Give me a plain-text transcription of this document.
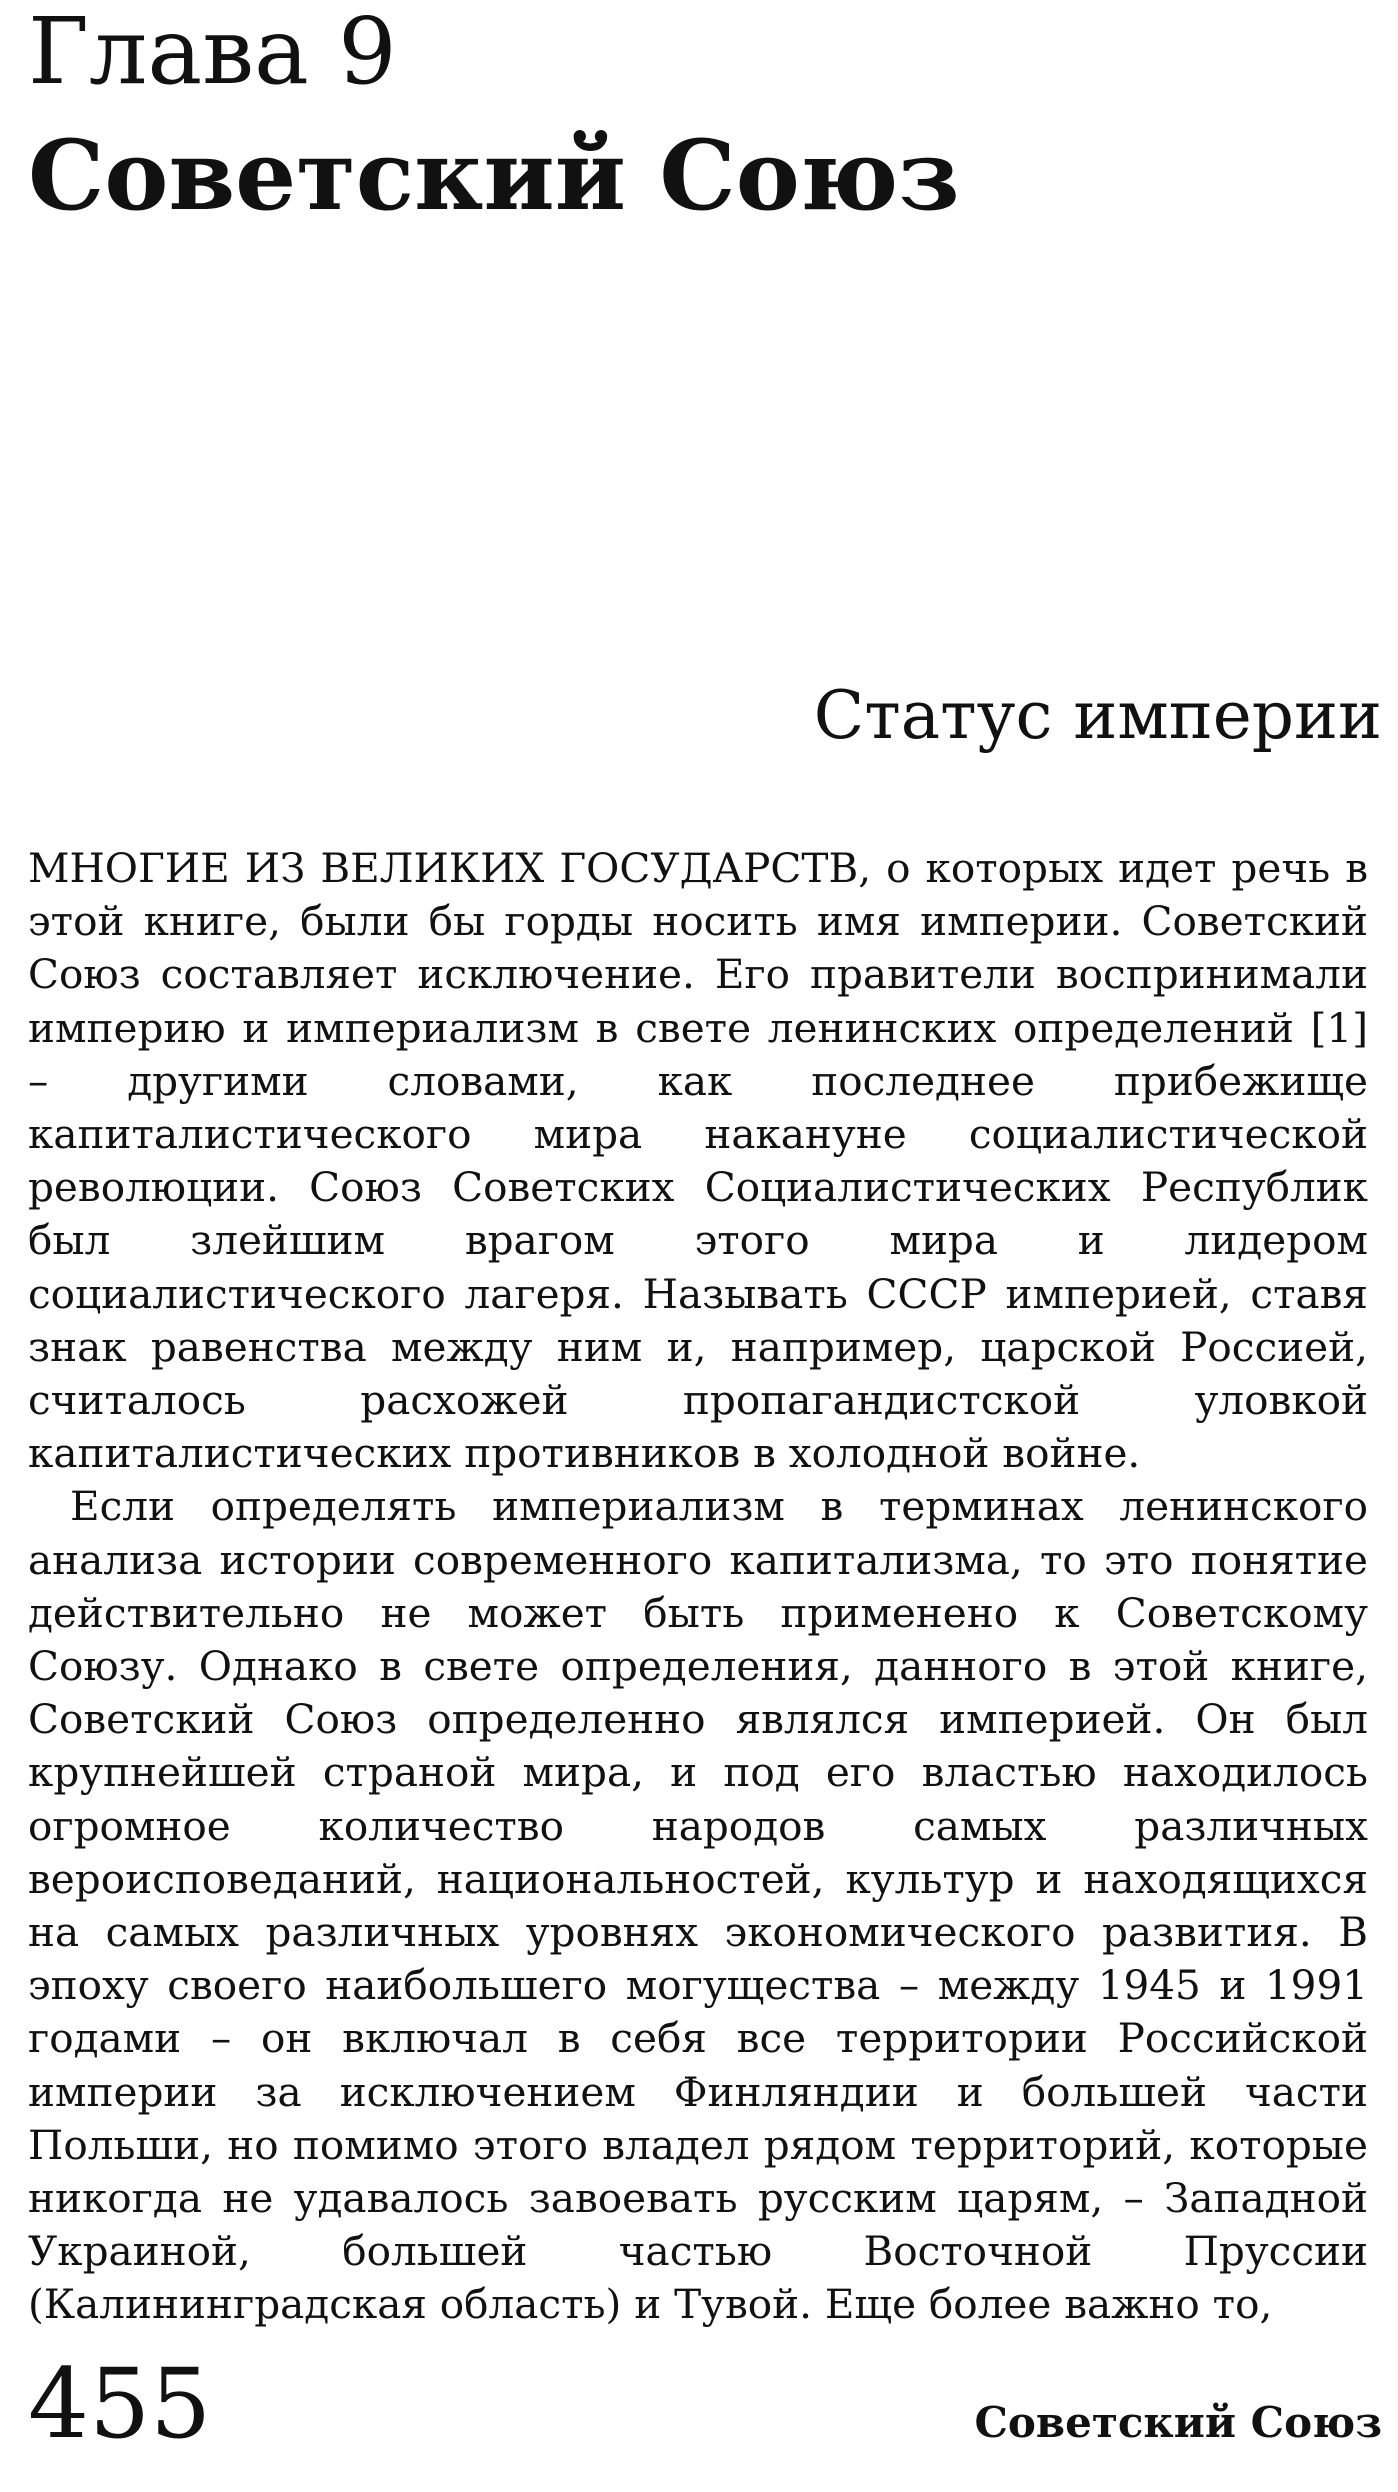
Глава 9
Советский Союз
Статус империи

МНОГИЕ ИЗ ВЕЛИКИХ ГОСУДАРСТВ, о которых идет речь в этой книге, были бы горды носить имя империи. Советский Союз составляет исключение. Его правители воспринимали империю и империализм в свете ленинских определений [1] – другими словами, как последнее прибежище капиталистического мира накануне социалистической революции. Союз Советских Социалистических Республик был злейшим врагом этого мира и лидером социалистического лагеря. Называть СССР империей, ставя знак равенства между ним и, например, царской Россией, считалось расхожей пропагандистской уловкой капиталистических противников в холодной войне.

Если определять империализм в терминах ленинского анализа истории современного капитализма, то это понятие действительно не может быть применено к Советскому Союзу. Однако в свете определения, данного в этой книге, Советский Союз определенно являлся империей. Он был крупнейшей страной мира, и под его властью находилось огромное количество народов самых различных вероисповеданий, национальностей, культур и находящихся на самых различных уровнях экономического развития. В эпоху своего наибольшего могущества – между 1945 и 1991 годами – он включал в себя все территории Российской империи за исключением Финляндии и большей части Польши, но помимо этого владел рядом территорий, которые никогда не удавалось завоевать русским царям, – Западной Украиной, большей частью Восточной Пруссии (Калининградская область) и Тувой. Еще более важно то,

455	Советский Союз
